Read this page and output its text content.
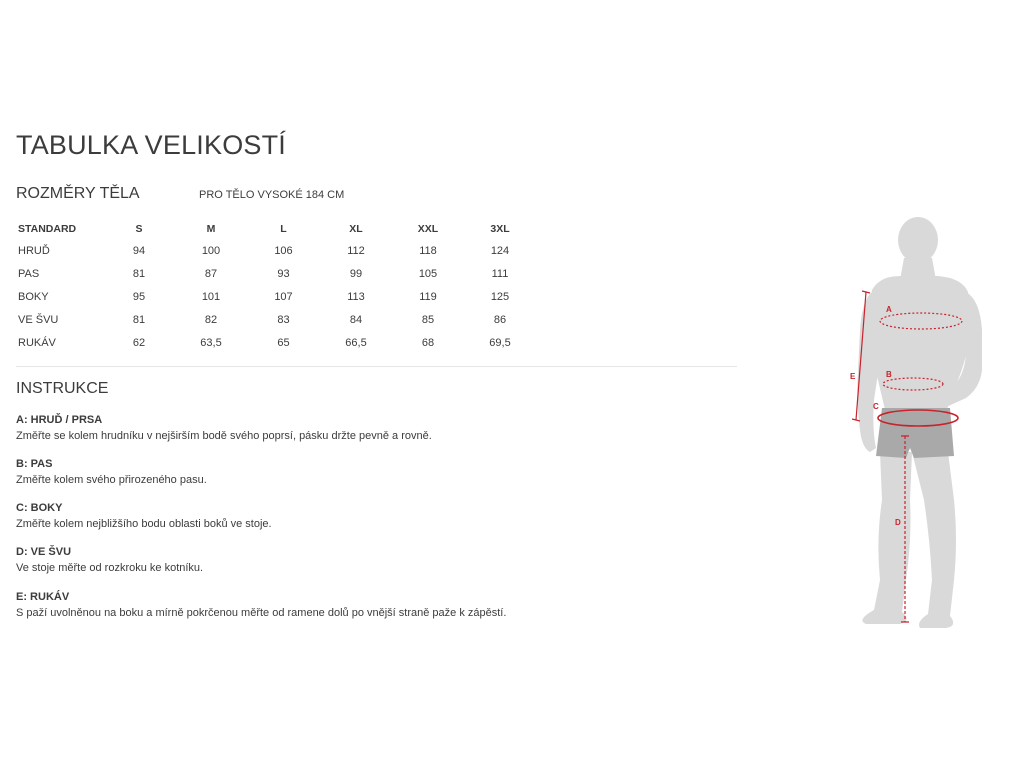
TABULKA VELIKOSTÍ
ROZMĚRY TĚLA	PRO TĚLO VYSOKÉ 184 CM
STANDARD	S	M	L	XL	XXL	3XL
HRUĎ	94	100	106	112	118	124
PAS	81	87	93	99	105	111
BOKY	95	101	107	113	119	125
VE ŠVU	81	82	83	84	85	86
RUKÁV	62	63,5	65	66,5	68	69,5
INSTRUKCE
A: HRUĎ / PRSA
Změřte se kolem hrudníku v nejširším bodě svého poprsí, pásku držte pevně a rovně.
B: PAS
Změřte kolem svého přirozeného pasu.
C: BOKY
Změřte kolem nejbližšího bodu oblasti boků ve stoje.
D: VE ŠVU
Ve stoje měřte od rozkroku ke kotníku.
E: RUKÁV
S paží uvolněnou na boku a mírně pokrčenou měřte od ramene dolů po vnější straně paže k zápěstí.
A
B
C
D
E
